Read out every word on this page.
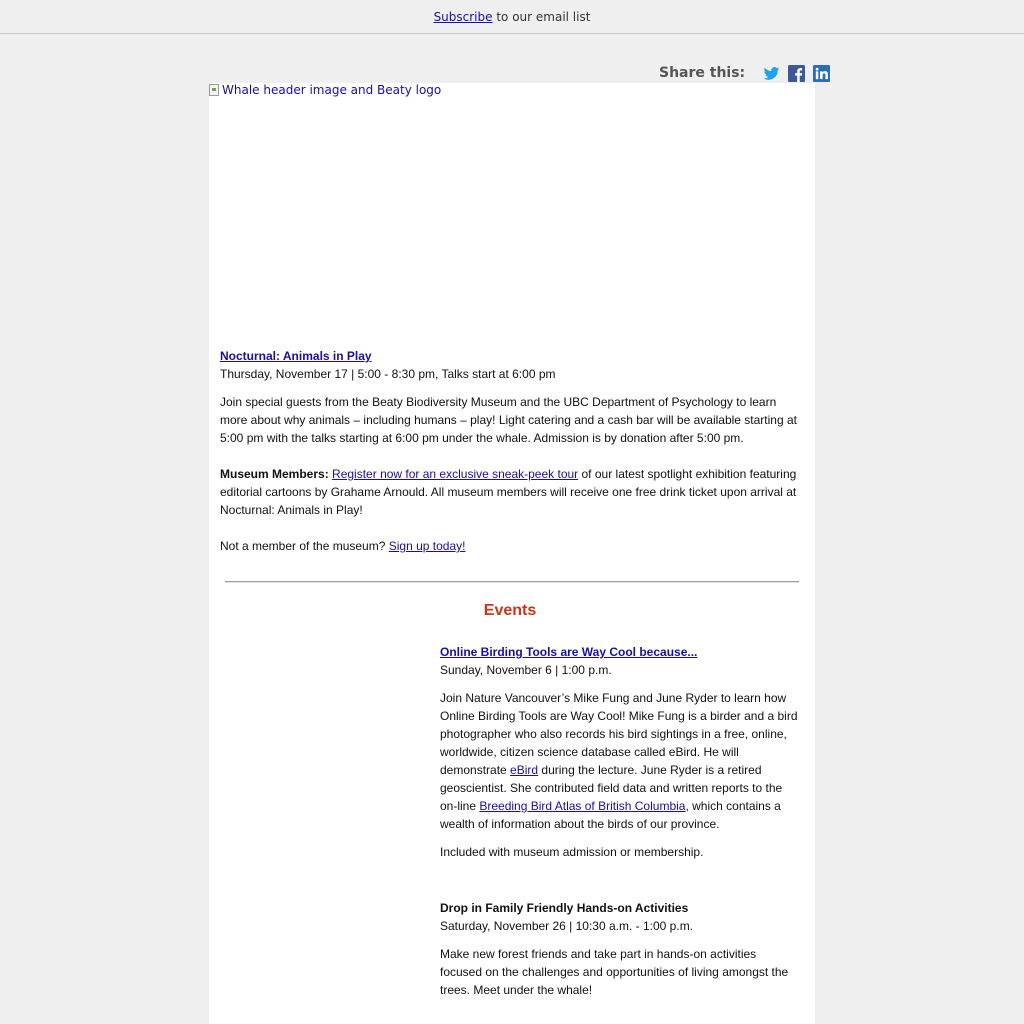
Subscribe to our email list
Share this:
Whale header image and Beaty logo

Nocturnal: Animals in Play

Thursday, November 17 | 5:00 - 8:30 pm, Talks start at 6:00 pm

Join special guests from the Beaty Biodiversity Museum and the UBC Department of Psychology to learn more about why animals – including humans – play! Light catering and a cash bar will be available starting at 5:00 pm with the talks starting at 6:00 pm under the whale. Admission is by donation after 5:00 pm.

Museum Members: Register now for an exclusive sneak-peek tour of our latest spotlight exhibition featuring editorial cartoons by Grahame Arnould. All museum members will receive one free drink ticket upon arrival at Nocturnal: Animals in Play!

Not a member of the museum? Sign up today!

Events

Online Birding Tools are Way Cool because...

Sunday, November 6 | 1:00 p.m.

Join Nature Vancouver’s Mike Fung and June Ryder to learn how Online Birding Tools are Way Cool! Mike Fung is a birder and a bird photographer who also records his bird sightings in a free, online, worldwide, citizen science database called eBird. He will demonstrate eBird during the lecture. June Ryder is a retired geoscientist. She contributed field data and written reports to the on-line Breeding Bird Atlas of British Columbia, which contains a wealth of information about the birds of our province.

Included with museum admission or membership.

Drop in Family Friendly Hands-on Activities

Saturday, November 26 | 10:30 a.m. - 1:00 p.m.

Make new forest friends and take part in hands-on activities focused on the challenges and opportunities of living amongst the trees. Meet under the whale!
